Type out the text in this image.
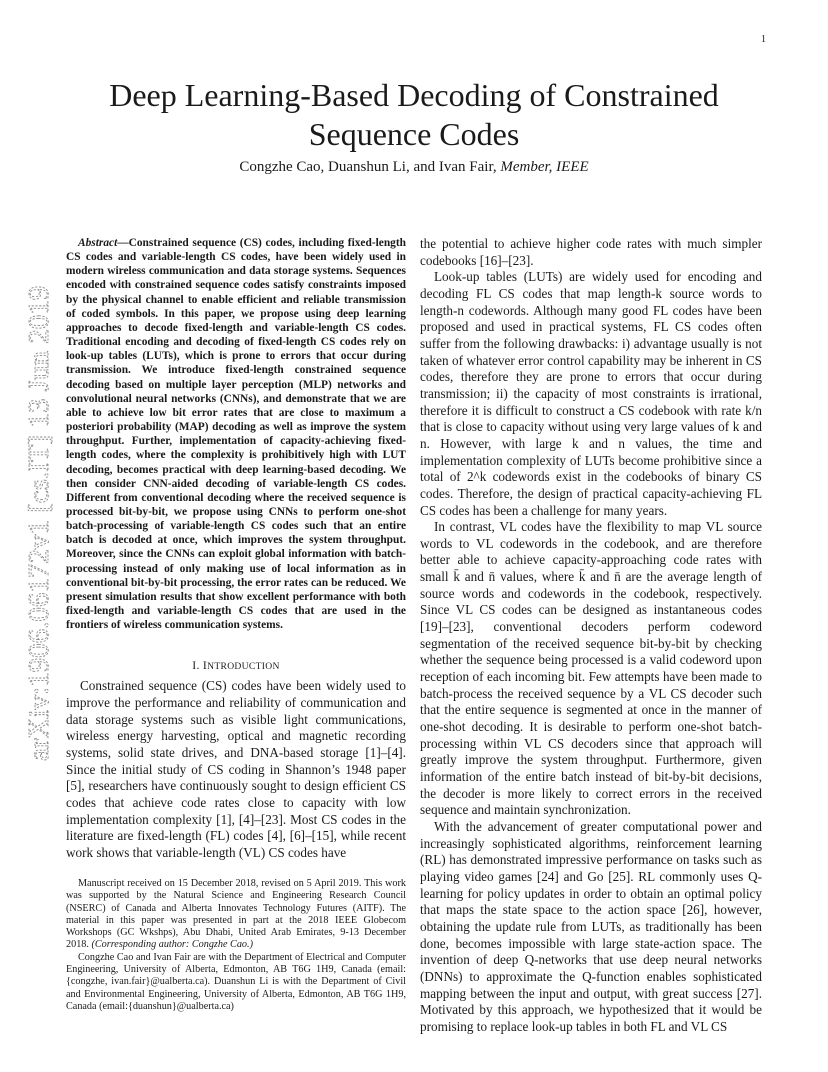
1
arXiv:1906.06172v1 [cs.IT] 13 Jun 2019
Deep Learning-Based Decoding of Constrained
Sequence Codes
Congzhe Cao, Duanshun Li, and Ivan Fair, Member, IEEE

Abstract—Constrained sequence (CS) codes, including fixed-length CS codes and variable-length CS codes, have been widely used in modern wireless communication and data storage systems. Sequences encoded with constrained sequence codes satisfy constraints imposed by the physical channel to enable efficient and reliable transmission of coded symbols. In this paper, we propose using deep learning approaches to decode fixed-length and variable-length CS codes. Traditional encoding and decoding of fixed-length CS codes rely on look-up tables (LUTs), which is prone to errors that occur during transmission. We introduce fixed-length constrained sequence decoding based on multiple layer perception (MLP) networks and convolutional neural networks (CNNs), and demonstrate that we are able to achieve low bit error rates that are close to maximum a posteriori probability (MAP) decoding as well as improve the system throughput. Further, implementation of capacity-achieving fixed-length codes, where the complexity is prohibitively high with LUT decoding, becomes practical with deep learning-based decoding. We then consider CNN-aided decoding of variable-length CS codes. Different from conventional decoding where the received sequence is processed bit-by-bit, we propose using CNNs to perform one-shot batch-processing of variable-length CS codes such that an entire batch is decoded at once, which improves the system throughput. Moreover, since the CNNs can exploit global information with batch-processing instead of only making use of local information as in conventional bit-by-bit processing, the error rates can be reduced. We present simulation results that show excellent performance with both fixed-length and variable-length CS codes that are used in the frontiers of wireless communication systems.

I. INTRODUCTION

Constrained sequence (CS) codes have been widely used to improve the performance and reliability of communication and data storage systems such as visible light communications, wireless energy harvesting, optical and magnetic recording systems, solid state drives, and DNA-based storage [1]–[4]. Since the initial study of CS coding in Shannon’s 1948 paper [5], researchers have continuously sought to design efficient CS codes that achieve code rates close to capacity with low implementation complexity [1], [4]–[23]. Most CS codes in the literature are fixed-length (FL) codes [4], [6]–[15], while recent work shows that variable-length (VL) CS codes have

Manuscript received on 15 December 2018, revised on 5 April 2019. This work was supported by the Natural Science and Engineering Research Council (NSERC) of Canada and Alberta Innovates Technology Futures (AITF). The material in this paper was presented in part at the 2018 IEEE Globecom Workshops (GC Wkshps), Abu Dhabi, United Arab Emirates, 9-13 December 2018. (Corresponding author: Congzhe Cao.)

Congzhe Cao and Ivan Fair are with the Department of Electrical and Computer Engineering, University of Alberta, Edmonton, AB T6G 1H9, Canada (email:{congzhe, ivan.fair}@ualberta.ca). Duanshun Li is with the Department of Civil and Environmental Engineering, University of Alberta, Edmonton, AB T6G 1H9, Canada (email:{duanshun}@ualberta.ca)

the potential to achieve higher code rates with much simpler codebooks [16]–[23].

Look-up tables (LUTs) are widely used for encoding and decoding FL CS codes that map length-k source words to length-n codewords. Although many good FL codes have been proposed and used in practical systems, FL CS codes often suffer from the following drawbacks: i) advantage usually is not taken of whatever error control capability may be inherent in CS codes, therefore they are prone to errors that occur during transmission; ii) the capacity of most constraints is irrational, therefore it is difficult to construct a CS codebook with rate k/n that is close to capacity without using very large values of k and n. However, with large k and n values, the time and implementation complexity of LUTs become prohibitive since a total of 2^k codewords exist in the codebooks of binary CS codes. Therefore, the design of practical capacity-achieving FL CS codes has been a challenge for many years.

In contrast, VL codes have the flexibility to map VL source words to VL codewords in the codebook, and are therefore better able to achieve capacity-approaching code rates with small k̄ and n̄ values, where k̄ and n̄ are the average length of source words and codewords in the codebook, respectively. Since VL CS codes can be designed as instantaneous codes [19]–[23], conventional decoders perform codeword segmentation of the received sequence bit-by-bit by checking whether the sequence being processed is a valid codeword upon reception of each incoming bit. Few attempts have been made to batch-process the received sequence by a VL CS decoder such that the entire sequence is segmented at once in the manner of one-shot decoding. It is desirable to perform one-shot batch-processing within VL CS decoders since that approach will greatly improve the system throughput. Furthermore, given information of the entire batch instead of bit-by-bit decisions, the decoder is more likely to correct errors in the received sequence and maintain synchronization.

With the advancement of greater computational power and increasingly sophisticated algorithms, reinforcement learning (RL) has demonstrated impressive performance on tasks such as playing video games [24] and Go [25]. RL commonly uses Q-learning for policy updates in order to obtain an optimal policy that maps the state space to the action space [26], however, obtaining the update rule from LUTs, as traditionally has been done, becomes impossible with large state-action space. The invention of deep Q-networks that use deep neural networks (DNNs) to approximate the Q-function enables sophisticated mapping between the input and output, with great success [27]. Motivated by this approach, we hypothesized that it would be promising to replace look-up tables in both FL and VL CS
